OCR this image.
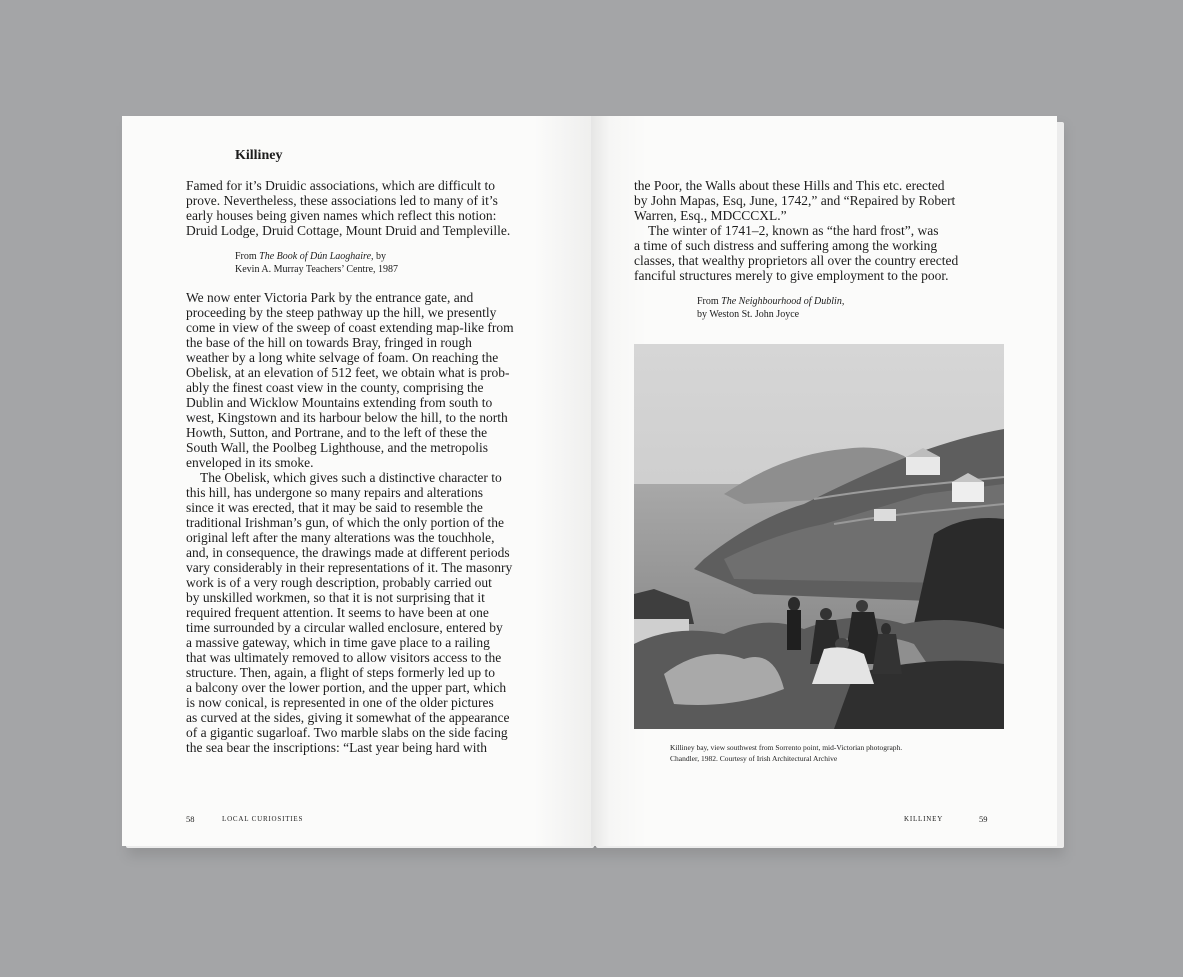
Killiney

Famed for it’s Druidic associations, which are difficult to

prove. Nevertheless, these associations led to many of it’s

early houses being given names which reflect this notion:

Druid Lodge, Druid Cottage, Mount Druid and Templeville.

From The Book of Dún Laoghaire, by
Kevin A. Murray Teachers’ Centre, 1987

We now enter Victoria Park by the entrance gate, and

proceeding by the steep pathway up the hill, we presently

come in view of the sweep of coast extending map-like from

the base of the hill on towards Bray, fringed in rough

weather by a long white selvage of foam. On reaching the

Obelisk, at an elevation of 512 feet, we obtain what is prob-

ably the finest coast view in the county, comprising the

Dublin and Wicklow Mountains extending from south to

west, Kingstown and its harbour below the hill, to the north

Howth, Sutton, and Portrane, and to the left of these the

South Wall, the Poolbeg Lighthouse, and the metropolis

enveloped in its smoke.

The Obelisk, which gives such a distinctive character to

this hill, has undergone so many repairs and alterations

since it was erected, that it may be said to resemble the

traditional Irishman’s gun, of which the only portion of the

original left after the many alterations was the touchhole,

and, in consequence, the drawings made at different periods

vary considerably in their representations of it. The masonry

work is of a very rough description, probably carried out

by unskilled workmen, so that it is not surprising that it

required frequent attention. It seems to have been at one

time surrounded by a circular walled enclosure, entered by

a massive gateway, which in time gave place to a railing

that was ultimately removed to allow visitors access to the

structure. Then, again, a flight of steps formerly led up to

a balcony over the lower portion, and the upper part, which

is now conical, is represented in one of the older pictures

as curved at the sides, giving it somewhat of the appearance

of a gigantic sugarloaf. Two marble slabs on the side facing

the sea bear the inscriptions: “Last year being hard with

58	LOCAL CURIOSITIES

the Poor, the Walls about these Hills and This etc. erected

by John Mapas, Esq, June, 1742,” and “Repaired by Robert

Warren, Esq., MDCCCXL.”

The winter of 1741–2, known as “the hard frost”, was

a time of such distress and suffering among the working

classes, that wealthy proprietors all over the country erected

fanciful structures merely to give employment to the poor.

From The Neighbourhood of Dublin,
by Weston St. John Joyce
Killiney bay, view southwest from Sorrento point, mid-Victorian photograph.
Chandler, 1982. Courtesy of Irish Architectural Archive
KILLINEY	59
